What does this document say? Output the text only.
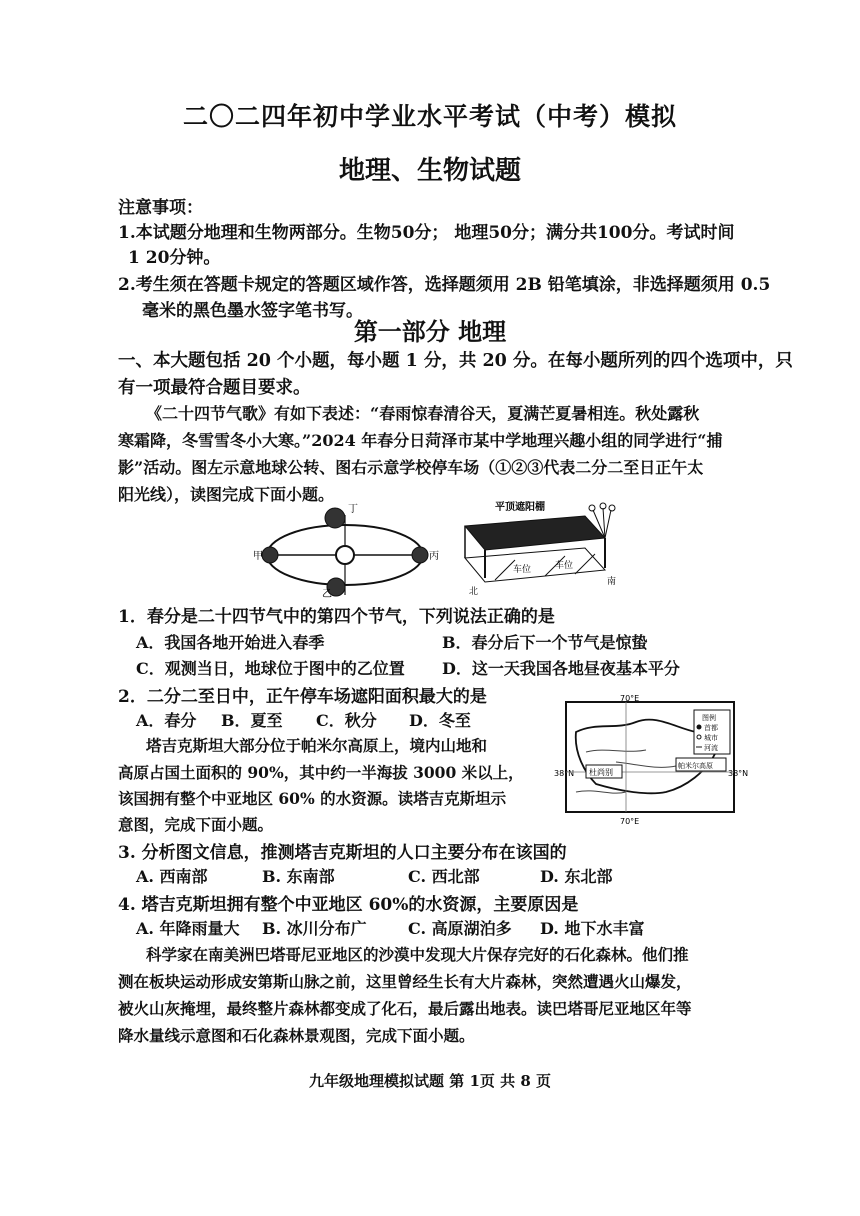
二〇二四年初中学业水平考试（中考）模拟
地理、生物试题
注意事项：
1.本试题分地理和生物两部分。生物50分； 地理50分；满分共100分。考试时间
1 20分钟。
2.考生须在答题卡规定的答题区域作答，选择题须用 2B 铅笔填涂，非选择题须用 0.5
毫米的黑色墨水签字笔书写。
第一部分 地理
一、本大题包括 20 个小题，每小题 1 分，共 20 分。在每小题所列的四个选项中，只
有一项最符合题目要求。
《二十四节气歌》有如下表述：“春雨惊春清谷天，夏满芒夏暑相连。秋处露秋
寒霜降，冬雪雪冬小大寒。”2024 年春分日菏泽市某中学地理兴趣小组的同学进行“捕
影”活动。图左示意地球公转、图右示意学校停车场（①②③代表二分二至日正午太
阳光线），读图完成下面小题。
丁
甲
乙
丙
平顶遮阳棚
车位	车位
北
南
1．春分是二十四节气中的第四个节气，下列说法正确的是
A．我国各地开始进入春季	B．春分后下一个节气是惊蛰
C．观测当日，地球位于图中的乙位置 D．这一天我国各地昼夜基本平分
2．二分二至日中，正午停车场遮阳面积最大的是
A．春分 B．夏至 C．秋分 D．冬至
塔吉克斯坦大部分位于帕米尔高原上，境内山地和
高原占国土面积的 90%，其中约一半海拔 3000 米以上，
该国拥有整个中亚地区 60% 的水资源。读塔吉克斯坦示
意图，完成下面小题。
70°E
70°E
38°N	38°N
杜尚别
帕米尔高原
图例
首都
城市
河流
3. 分析图文信息，推测塔吉克斯坦的人口主要分布在该国的
A. 西南部	B. 东南部	C. 西北部	D. 东北部
4. 塔吉克斯坦拥有整个中亚地区 60%的水资源，主要原因是
A. 年降雨量大 B. 冰川分布广	C. 高原湖泊多 D. 地下水丰富
科学家在南美洲巴塔哥尼亚地区的沙漠中发现大片保存完好的石化森林。他们推
测在板块运动形成安第斯山脉之前，这里曾经生长有大片森林，突然遭遇火山爆发，
被火山灰掩埋，最终整片森林都变成了化石，最后露出地表。读巴塔哥尼亚地区年等
降水量线示意图和石化森林景观图，完成下面小题。
九年级地理模拟试题 第 1页 共 8 页
